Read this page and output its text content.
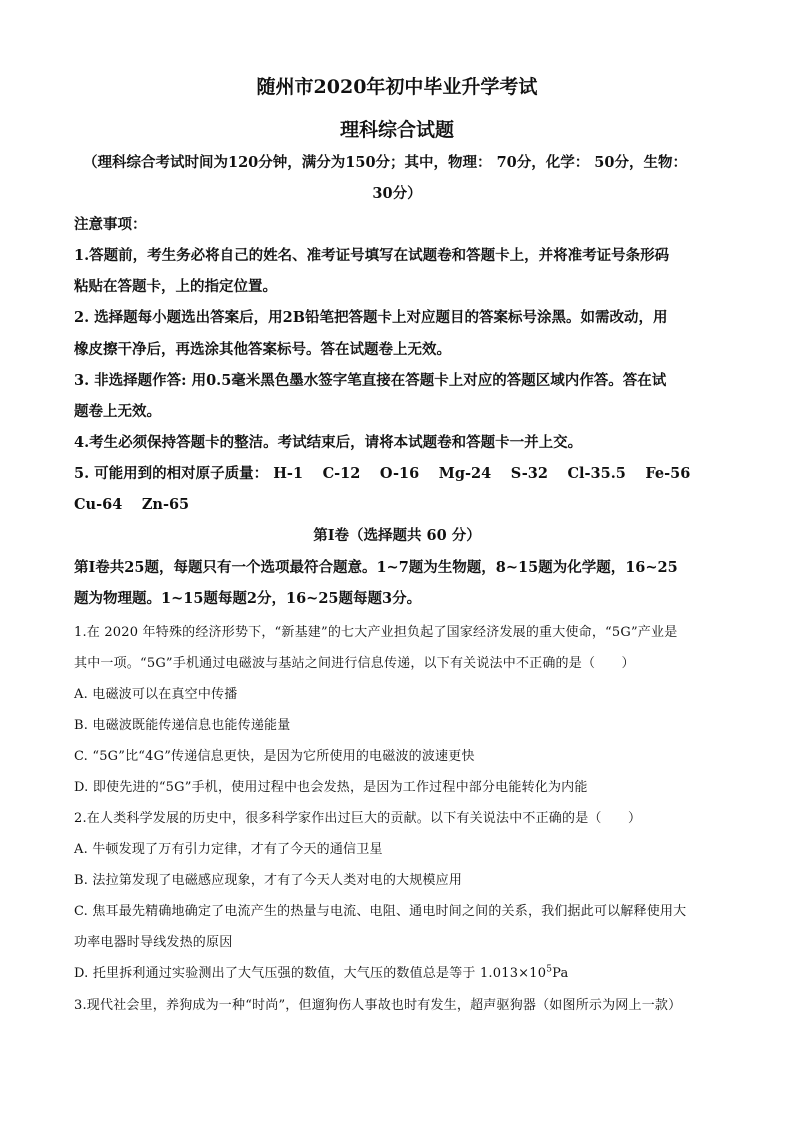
随州市2020年初中毕业升学考试
理科综合试题
（理科综合考试时间为120分钟，满分为150分；其中，物理： 70分，化学： 50分，生物：
30分）
注意事项：
1.答题前，考生务必将自己的姓名、准考证号填写在试题卷和答题卡上，并将准考证号条形码
粘贴在答题卡，上的指定位置。
2. 选择题每小题选出答案后，用2B铅笔把答题卡上对应题目的答案标号涂黑。如需改动，用
橡皮擦干净后，再选涂其他答案标号。答在试题卷上无效。
3. 非选择题作答: 用0.5毫米黑色墨水签字笔直接在答题卡上对应的答题区域内作答。答在试
题卷上无效。
4.考生必须保持答题卡的整洁。考试结束后，请将本试题卷和答题卡一并上交。
5. 可能用到的相对原子质量： H-1　 C-12　 O-16　 Mg-24　 S-32　 Cl-35.5　 Fe-56
Cu-64　 Zn-65
第Ⅰ卷（选择题共 60 分）
第Ⅰ卷共25题，每题只有一个选项最符合题意。1~7题为生物题，8~15题为化学题，16~25
题为物理题。1~15题每题2分，16~25题每题3分。
1.在 2020 年特殊的经济形势下，“新基建”的七大产业担负起了国家经济发展的重大使命，“5G”产业是
其中一项。“5G”手机通过电磁波与基站之间进行信息传递，以下有关说法中不正确的是（　　）
A. 电磁波可以在真空中传播
B. 电磁波既能传递信息也能传递能量
C. “5G”比“4G”传递信息更快，是因为它所使用的电磁波的波速更快
D. 即使先进的“5G”手机，使用过程中也会发热，是因为工作过程中部分电能转化为内能
2.在人类科学发展的历史中，很多科学家作出过巨大的贡献。以下有关说法中不正确的是（　　）
A. 牛顿发现了万有引力定律，才有了今天的通信卫星
B. 法拉第发现了电磁感应现象，才有了今天人类对电的大规模应用
C. 焦耳最先精确地确定了电流产生的热量与电流、电阻、通电时间之间的关系，我们据此可以解释使用大
功率电器时导线发热的原因
D. 托里拆利通过实验测出了大气压强的数值，大气压的数值总是等于 $1.013\times 10^5Pa$
3.现代社会里，养狗成为一种“时尚”，但遛狗伤人事故也时有发生，超声驱狗器（如图所示为网上一款）
